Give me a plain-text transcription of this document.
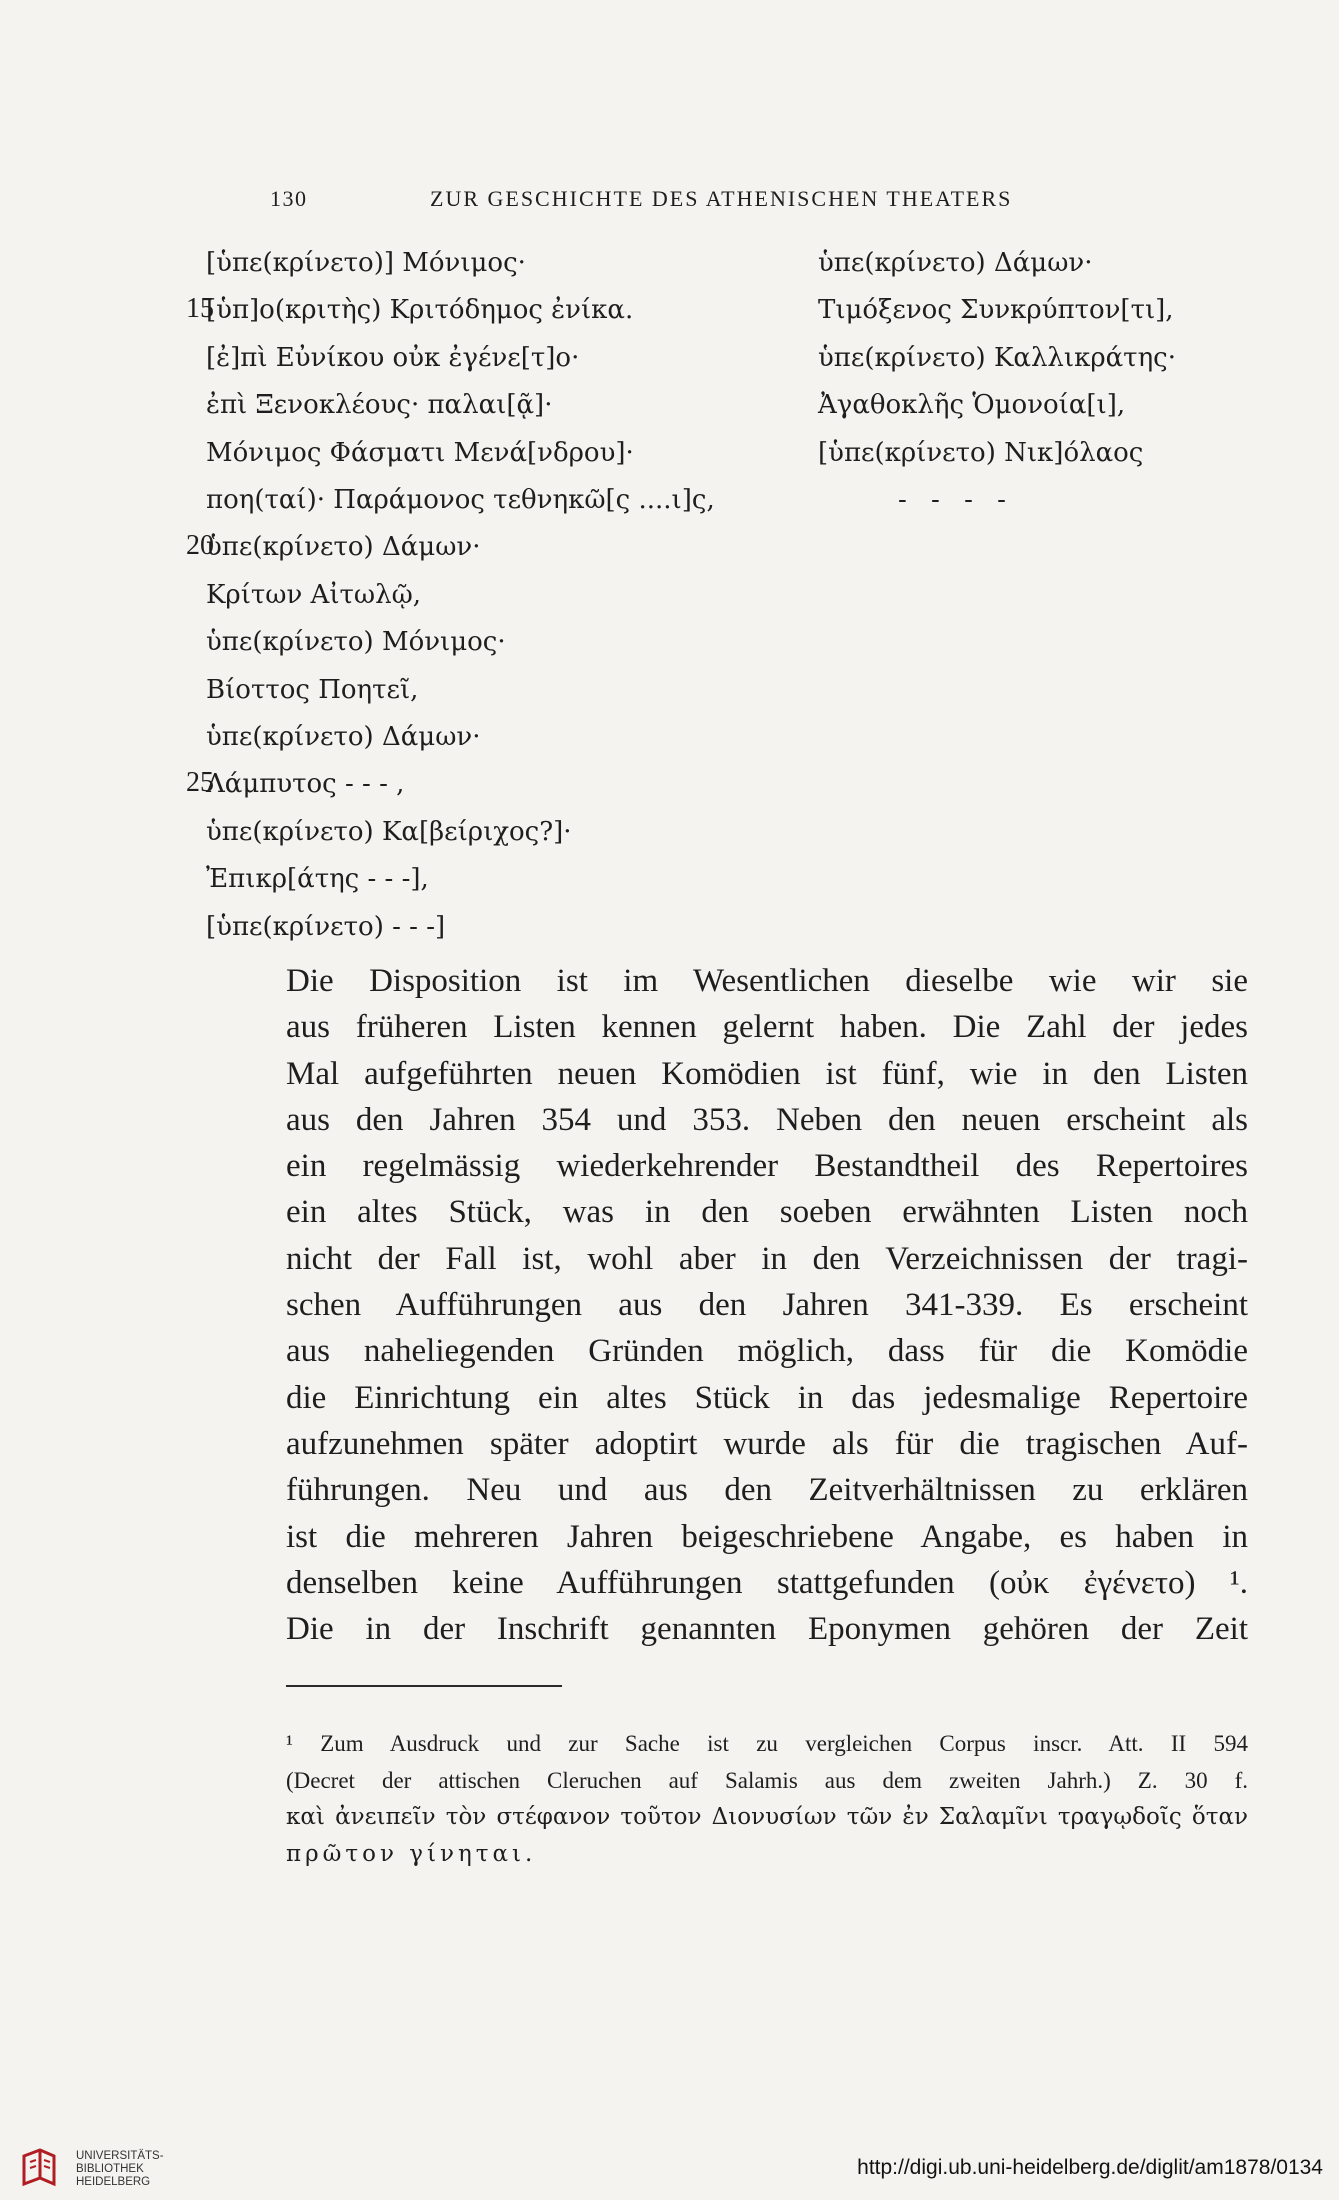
130	ZUR GESCHICHTE DES ATHENISCHEN THEATERS
[ὑπε(κρίνετο)] Μόνιμος·
15
[ὑπ]ο(κριτὴς) Κριτόδημος ἐνίκα.
[ἐ]πὶ Εὐνίκου οὐκ ἐγένε[τ]ο·
ἐπὶ Ξενοκλέους· παλαι[ᾷ]·
Μόνιμος Φάσματι Μενά[νδρου]·
ποη(ταί)· Παράμονος τεθνηκῶ[ς ....ι]ς,
20
ὑπε(κρίνετο) Δάμων·
Κρίτων Αἰτωλῷ,
ὑπε(κρίνετο) Μόνιμος·
Βίοττος Ποητεῖ,
ὑπε(κρίνετο) Δάμων·
25
Λάμπυτος - - - ,
ὑπε(κρίνετο) Κα[βείριχος?]·
Ἐπικρ[άτης - - -],
[ὑπε(κρίνετο) - - -]
ὑπε(κρίνετο) Δάμων·
Τιμόξενος Συνκρύπτον[τι],
ὑπε(κρίνετο) Καλλικράτης·
Ἀγαθοκλῆς Ὁμονοία[ι],
[ὑπε(κρίνετο) Νικ]όλαος
- - - -
Die Disposition ist im Wesentlichen dieselbe wie wir sie
aus früheren Listen kennen gelernt haben. Die Zahl der jedes
Mal aufgeführten neuen Komödien ist fünf, wie in den Listen
aus den Jahren 354 und 353. Neben den neuen erscheint als
ein regelmässig wiederkehrender Bestandtheil des Repertoires
ein altes Stück, was in den soeben erwähnten Listen noch
nicht der Fall ist, wohl aber in den Verzeichnissen der tragi-
schen Aufführungen aus den Jahren 341-339. Es erscheint
aus naheliegenden Gründen möglich, dass für die Komödie
die Einrichtung ein altes Stück in das jedesmalige Repertoire
aufzunehmen später adoptirt wurde als für die tragischen Auf-
führungen. Neu und aus den Zeitverhältnissen zu erklären
ist die mehreren Jahren beigeschriebene Angabe, es haben in
denselben keine Aufführungen stattgefunden (οὐκ ἐγένετο) ¹.
Die in der Inschrift genannten Eponymen gehören der Zeit
¹ Zum Ausdruck und zur Sache ist zu vergleichen Corpus inscr. Att. II 594
(Decret der attischen Cleruchen auf Salamis aus dem zweiten Jahrh.) Z. 30 f.
καὶ ἀνειπεῖν τὸν στέφανον τοῦτον Διονυσίων τῶν ἐν Σαλαμῖνι τραγῳδοῖς ὅταν
πρῶτον γίνηται.
UNIVERSITÄTS-
BIBLIOTHEK
HEIDELBERG
http://digi.ub.uni-heidelberg.de/diglit/am1878/0134
